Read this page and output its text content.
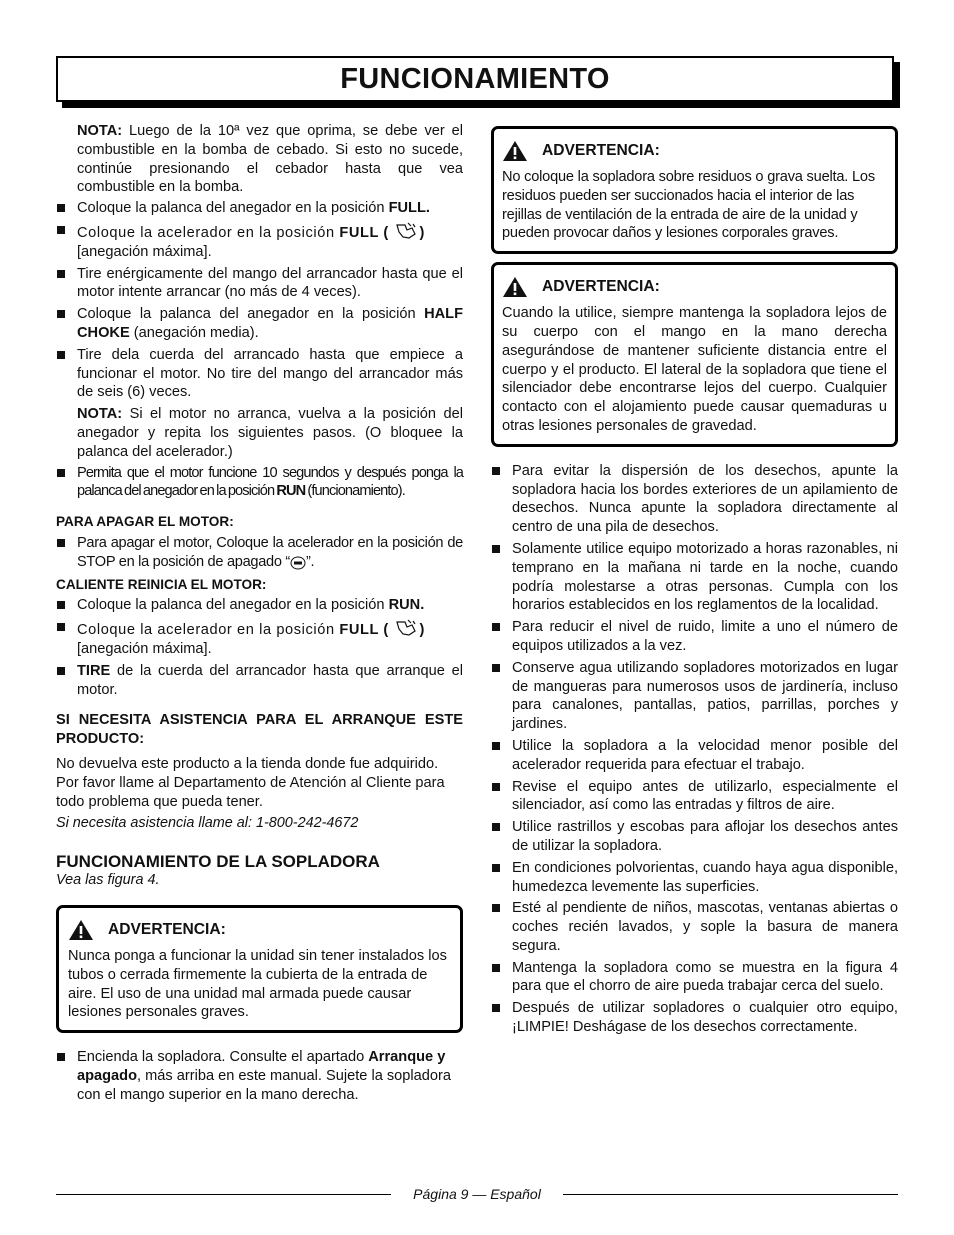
FUNCIONAMIENTO

NOTA: Luego de la 10ª vez que oprima, se debe ver el combustible en la bomba de cebado. Si esto no sucede, continúe presionando el cebador hasta que vea combustible en la bomba.

Coloque la palanca del anegador en la posición FULL.
Coloque la acelerador en la posición FULL ( )
[anegación máxima].
Tire enérgicamente del mango del arrancador hasta que el motor intente arrancar (no más de 4 veces).
Coloque la palanca del anegador en la posición HALF CHOKE (anegación media).
Tire dela cuerda del arrancado hasta que empiece a funcionar el motor. No tire del mango del arrancador más de seis (6) veces.

NOTA: Si el motor no arranca, vuelva a la posición del anegador y repita los siguientes pasos. (O bloquee la palanca del acelerador.)

Permita que el motor funcione 10 segundos y después ponga la palanca del anegador en la posición RUN (funcionamiento).
PARA APAGAR EL MOTOR:
Para apagar el motor, Coloque la acelerador en la posición de STOP en la posición de apagado “ ”.
CALIENTE REINICIA EL MOTOR:
Coloque la palanca del anegador en la posición RUN.
Coloque la acelerador en la posición FULL ( )
[anegación máxima].
TIRE de la cuerda del arrancador hasta que arranque el motor.
SI NECESITA ASISTENCIA PARA EL ARRANQUE ESTE PRODUCTO:

No devuelva este producto a la tienda donde fue adquirido. Por favor llame al Departamento de Atención al Cliente para todo problema que pueda tener.

Si necesita asistencia llame al: 1-800-242-4672

FUNCIONAMIENTO DE LA SOPLADORA

Vea las figura 4.

ADVERTENCIA:
Nunca ponga a funcionar la unidad sin tener instalados los tubos o cerrada firmemente la cubierta de la entrada de aire. El uso de una unidad mal armada puede causar lesiones personales graves.
Encienda la sopladora. Consulte el apartado Arranque y apagado, más arriba en este manual. Sujete la sopladora con el mango superior en la mano derecha.
ADVERTENCIA:
No coloque la sopladora sobre residuos o grava suelta. Los residuos pueden ser succionados hacia el interior de las rejillas de ventilación de la entrada de aire de la unidad y pueden provocar daños y lesiones corporales graves.
ADVERTENCIA:
Cuando la utilice, siempre mantenga la sopladora lejos de su cuerpo con el mango en la mano derecha asegurándose de mantener suficiente distancia entre el cuerpo y el producto. El lateral de la sopladora que tiene el silenciador debe encontrarse lejos del cuerpo. Cualquier contacto con el alojamiento puede causar quemaduras u otras lesiones personales de gravedad.
Para evitar la dispersión de los desechos, apunte la sopladora hacia los bordes exteriores de un apilamiento de desechos. Nunca apunte la sopladora directamente al centro de una pila de desechos.
Solamente utilice equipo motorizado a horas razonables, ni temprano en la mañana ni tarde en la noche, cuando podría molestarse a otras personas. Cumpla con los horarios establecidos en los reglamentos de la localidad.
Para reducir el nivel de ruido, limite a uno el número de equipos utilizados a la vez.
Conserve agua utilizando sopladores motorizados en lugar de mangueras para numerosos usos de jardinería, incluso para canalones, pantallas, patios, parrillas, porches y jardines.
Utilice la sopladora a la velocidad menor posible del acelerador requerida para efectuar el trabajo.
Revise el equipo antes de utilizarlo, especialmente el silenciador, así como las entradas y filtros de aire.
Utilice rastrillos y escobas para aflojar los desechos antes de utilizar la sopladora.
En condiciones polvorientas, cuando haya agua disponible, humedezca levemente las superficies.
Esté al pendiente de niños, mascotas, ventanas abiertas o coches recién lavados, y sople la basura de manera segura.
Mantenga la sopladora como se muestra en la figura 4 para que el chorro de aire pueda trabajar cerca del suelo.
Después de utilizar sopladores o cualquier otro equipo, ¡LIMPIE! Deshágase de los desechos correctamente.
Página 9 — Español
